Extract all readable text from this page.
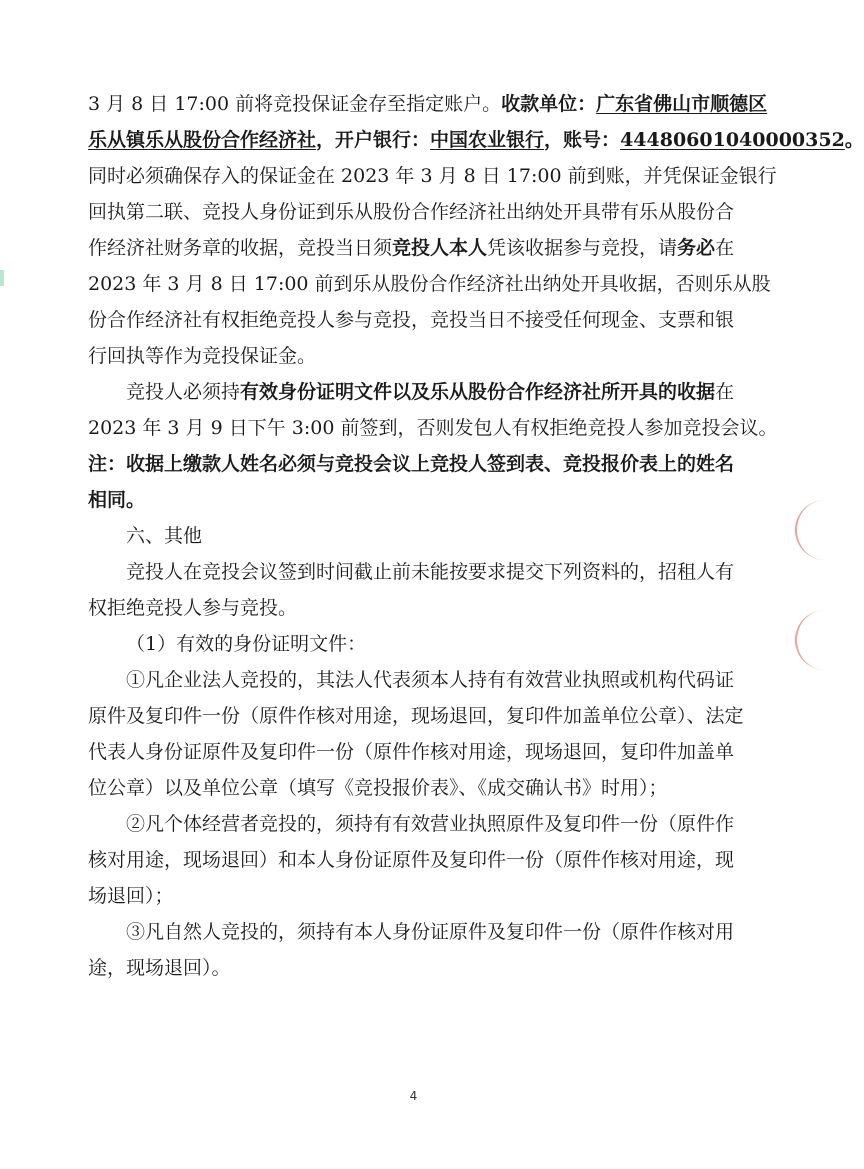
3 月 8 日 17:00 前将竞投保证金存至指定账户。 收款单位：广东省佛山市顺德区
乐从镇乐从股份合作经济社 ，开户银行： 中国农业银行 ，账号： 44480601040000352 。
同时必须确保存入的保证金在 2023 年 3 月 8 日 17:00 前到账，并凭保证金银行
回执第二联、竞投人身份证到乐从股份合作经济社出纳处开具带有乐从股份合
作经济社财务章的收据，竞投当日须竞投人本人凭该收据参与竞投，请务必在
2023 年 3 月 8 日 17:00 前到乐从股份合作经济社出纳处开具收据，否则乐从股
份合作经济社有权拒绝竞投人参与竞投，竞投当日不接受任何现金、支票和银
行回执等作为竞投保证金。
竞投人必须持有效身份证明文件以及乐从股份合作经济社所开具的收据在
2023 年 3 月 9 日下午 3:00 前签到，否则发包人有权拒绝竞投人参加竞投会议。
注：收据上缴款人姓名必须与竞投会议上竞投人签到表、竞投报价表上的姓名
相同。
六、其他
竞投人在竞投会议签到时间截止前未能按要求提交下列资料的，招租人有
权拒绝竞投人参与竞投。
（1）有效的身份证明文件：
①凡企业法人竞投的，其法人代表须本人持有有效营业执照或机构代码证
原件及复印件一份（原件作核对用途，现场退回，复印件加盖单位公章）、法定
代表人身份证原件及复印件一份（原件作核对用途，现场退回，复印件加盖单
位公章）以及单位公章（填写《竞投报价表》、《成交确认书》时用）；
②凡个体经营者竞投的，须持有有效营业执照原件及复印件一份（原件作
核对用途，现场退回）和本人身份证原件及复印件一份（原件作核对用途，现
场退回）；
③凡自然人竞投的，须持有本人身份证原件及复印件一份（原件作核对用
途，现场退回）。
4
